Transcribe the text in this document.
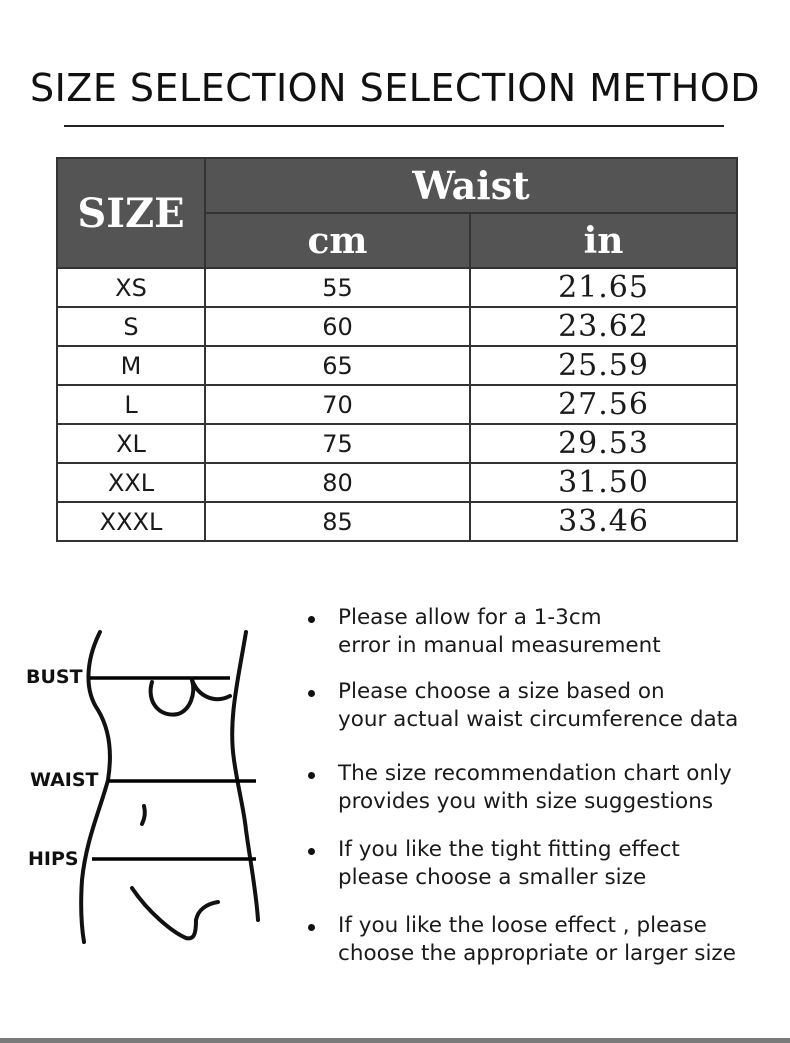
SIZE SELECTION SELECTION METHOD
SIZE	Waist	
	cm	in
XS	55	21.65
S	60	23.62
M	65	25.59
L	70	27.56
XL	75	29.53
XXL	80	31.50
XXXL	85	33.46
BUST
WAIST
HIPS
Please allow for a 1-3cm
error in manual measurement
Please choose a size based on
your actual waist circumference data
The size recommendation chart only
provides you with size suggestions
If you like the tight fitting effect
please choose a smaller size
If you like the loose effect , please
choose the appropriate or larger size
